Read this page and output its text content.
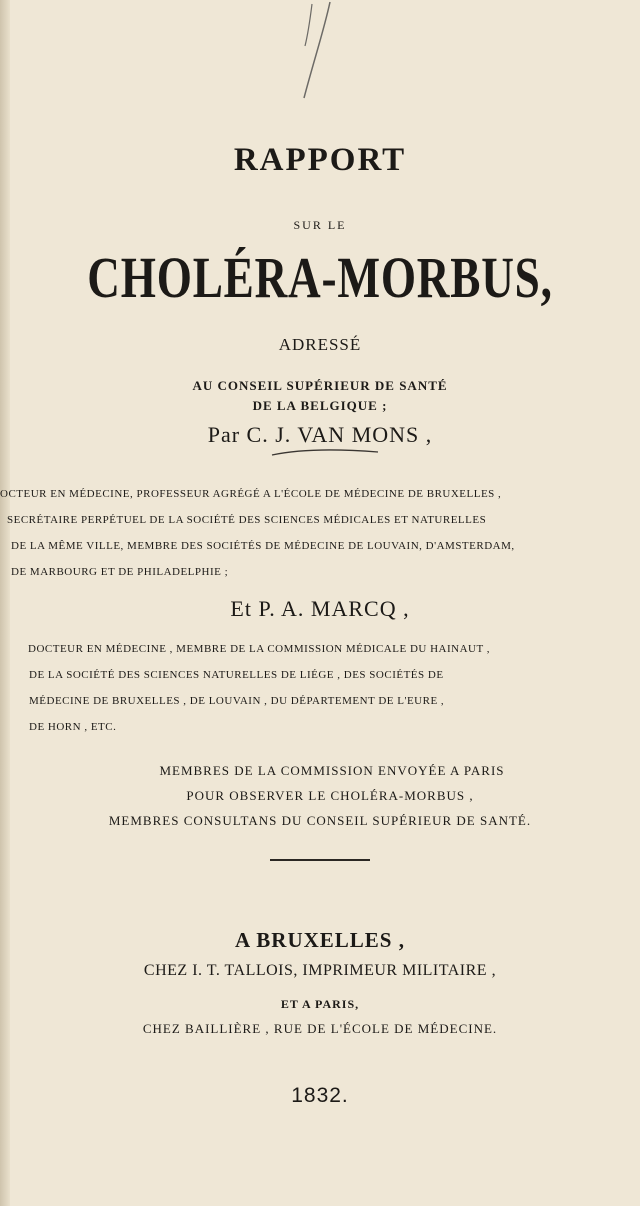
RAPPORT
SUR LE
CHOLÉRA-MORBUS,
ADRESSÉ
AU CONSEIL SUPÉRIEUR DE SANTÉ
DE LA BELGIQUE ;
Par C. J. VAN MONS ,
OCTEUR EN MÉDECINE, PROFESSEUR AGRÉGÉ A L'ÉCOLE DE MÉDECINE DE BRUXELLES ,
SECRÉTAIRE PERPÉTUEL DE LA SOCIÉTÉ DES SCIENCES MÉDICALES ET NATURELLES
DE LA MÊME VILLE, MEMBRE DES SOCIÉTÉS DE MÉDECINE DE LOUVAIN, D'AMSTERDAM,
DE MARBOURG ET DE PHILADELPHIE ;
Et P. A. MARCQ ,
DOCTEUR EN MÉDECINE , MEMBRE DE LA COMMISSION MÉDICALE DU HAINAUT ,
DE LA SOCIÉTÉ DES SCIENCES NATURELLES DE LIÉGE , DES SOCIÉTÉS DE
MÉDECINE DE BRUXELLES , DE LOUVAIN , DU DÉPARTEMENT DE L'EURE ,
DE HORN , ETC.
MEMBRES DE LA COMMISSION ENVOYÉE A PARIS
POUR OBSERVER LE CHOLÉRA-MORBUS ,
MEMBRES CONSULTANS DU CONSEIL SUPÉRIEUR DE SANTÉ.
A BRUXELLES ,
CHEZ I. T. TALLOIS, IMPRIMEUR MILITAIRE ,
ET A PARIS,
CHEZ BAILLIÈRE , RUE DE L'ÉCOLE DE MÉDECINE.
1832.
